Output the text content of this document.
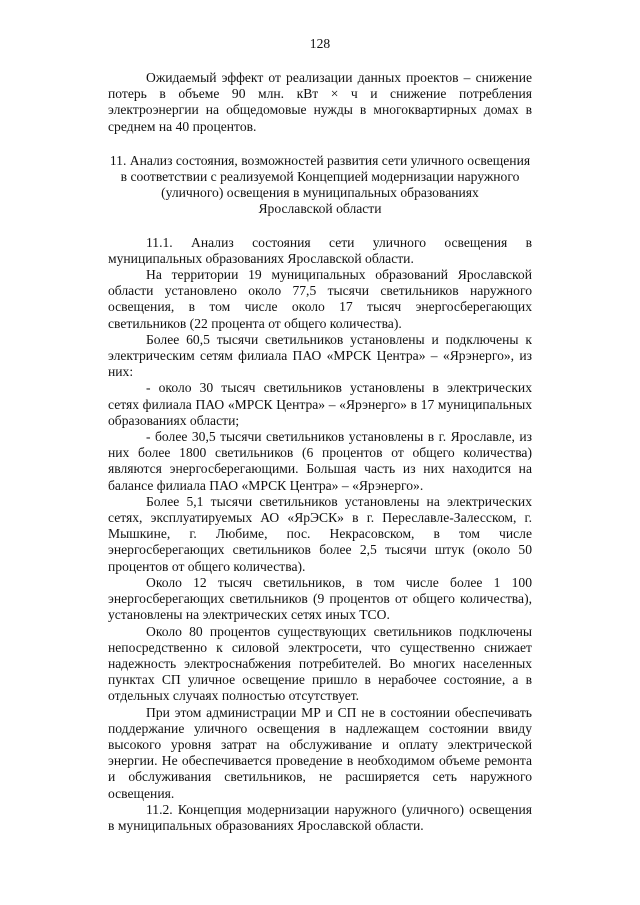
128

Ожидаемый эффект от реализации данных проектов – снижение потерь в объеме 90 млн. кВт × ч и снижение потребления электроэнергии на общедомовые нужды в многоквартирных домах в среднем на 40 процентов.

11. Анализ состояния, возможностей развития сети уличного освещения
в соответствии с реализуемой Концепцией модернизации наружного
(уличного) освещения в муниципальных образованиях
Ярославской области

11.1. Анализ состояния сети уличного освещения в муниципальных образованиях Ярославской области.

На территории 19 муниципальных образований Ярославской области установлено около 77,5 тысячи светильников наружного освещения, в том числе около 17 тысяч энергосберегающих светильников (22 процента от общего количества).

Более 60,5 тысячи светильников установлены и подключены к электрическим сетям филиала ПАО «МРСК Центра» – «Ярэнерго», из них:

- около 30 тысяч светильников установлены в электрических сетях филиала ПАО «МРСК Центра» – «Ярэнерго» в 17 муниципальных образованиях области;

- более 30,5 тысячи светильников установлены в г. Ярославле, из них более 1800 светильников (6 процентов от общего количества) являются энергосберегающими. Большая часть из них находится на балансе филиала ПАО «МРСК Центра» – «Ярэнерго».

Более 5,1 тысячи светильников установлены на электрических сетях, эксплуатируемых АО «ЯрЭСК» в г. Переславле-Залесском, г. Мышкине, г. Любиме, пос. Некрасовском, в том числе энергосберегающих светильников более 2,5 тысячи штук (около 50 процентов от общего количества).

Около 12 тысяч светильников, в том числе более 1 100 энергосберегающих светильников (9 процентов от общего количества), установлены на электрических сетях иных ТСО.

Около 80 процентов существующих светильников подключены непосредственно к силовой электросети, что существенно снижает надежность электроснабжения потребителей. Во многих населенных пунктах СП уличное освещение пришло в нерабочее состояние, а в отдельных случаях полностью отсутствует.

При этом администрации МР и СП не в состоянии обеспечивать поддержание уличного освещения в надлежащем состоянии ввиду высокого уровня затрат на обслуживание и оплату электрической энергии. Не обеспечивается проведение в необходимом объеме ремонта и обслуживания светильников, не расширяется сеть наружного освещения.

11.2. Концепция модернизации наружного (уличного) освещения в муниципальных образованиях Ярославской области.
